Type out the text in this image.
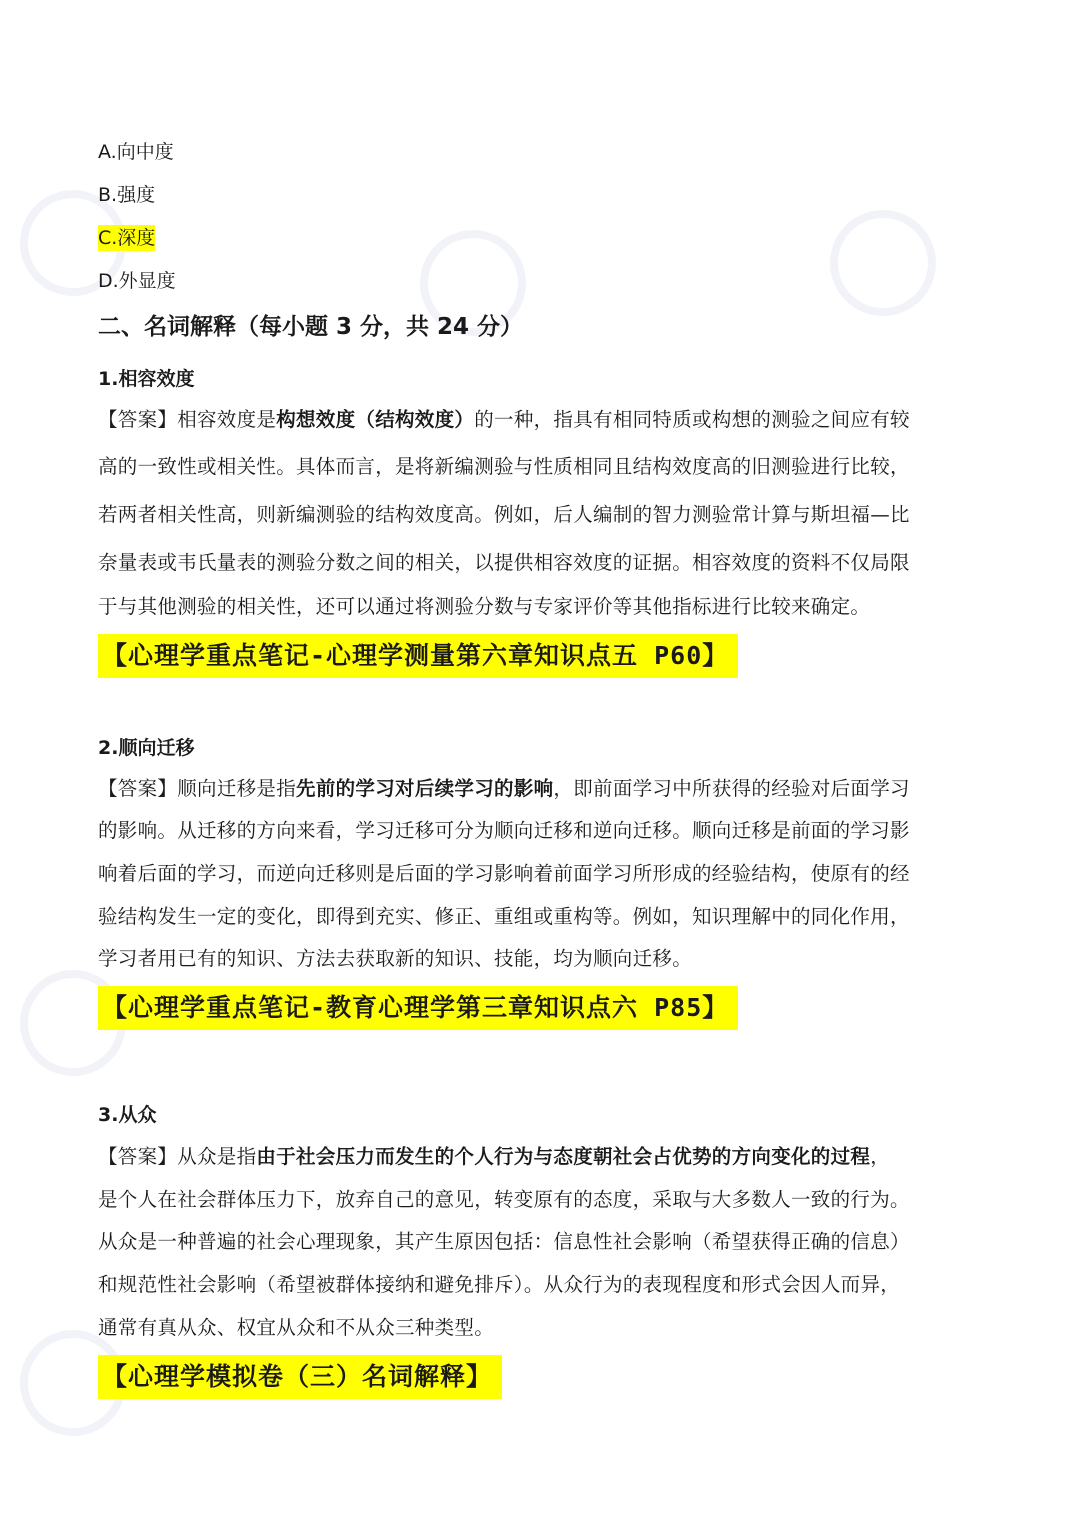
A.向中度
B.强度
C.深度
D.外显度
二、名词解释（每小题 3 分，共 24 分）
1.相容效度
【答案】相容效度是构想效度（结构效度）的一种，指具有相同特质或构想的测验之间应有较
高的一致性或相关性。具体而言，是将新编测验与性质相同且结构效度高的旧测验进行比较，
若两者相关性高，则新编测验的结构效度高。例如，后人编制的智力测验常计算与斯坦福—比
奈量表或韦氏量表的测验分数之间的相关，以提供相容效度的证据。相容效度的资料不仅局限
于与其他测验的相关性，还可以通过将测验分数与专家评价等其他指标进行比较来确定。
【心理学重点笔记-心理学测量第六章知识点五 P60】
2.顺向迁移
【答案】顺向迁移是指先前的学习对后续学习的影响，即前面学习中所获得的经验对后面学习
的影响。从迁移的方向来看，学习迁移可分为顺向迁移和逆向迁移。顺向迁移是前面的学习影
响着后面的学习，而逆向迁移则是后面的学习影响着前面学习所形成的经验结构，使原有的经
验结构发生一定的变化，即得到充实、修正、重组或重构等。例如，知识理解中的同化作用，
学习者用已有的知识、方法去获取新的知识、技能，均为顺向迁移。
【心理学重点笔记-教育心理学第三章知识点六 P85】
3.从众
【答案】从众是指由于社会压力而发生的个人行为与态度朝社会占优势的方向变化的过程，
是个人在社会群体压力下，放弃自己的意见，转变原有的态度，采取与大多数人一致的行为。
从众是一种普遍的社会心理现象，其产生原因包括：信息性社会影响（希望获得正确的信息）
和规范性社会影响（希望被群体接纳和避免排斥）。从众行为的表现程度和形式会因人而异，
通常有真从众、权宜从众和不从众三种类型。
【心理学模拟卷（三）名词解释】
